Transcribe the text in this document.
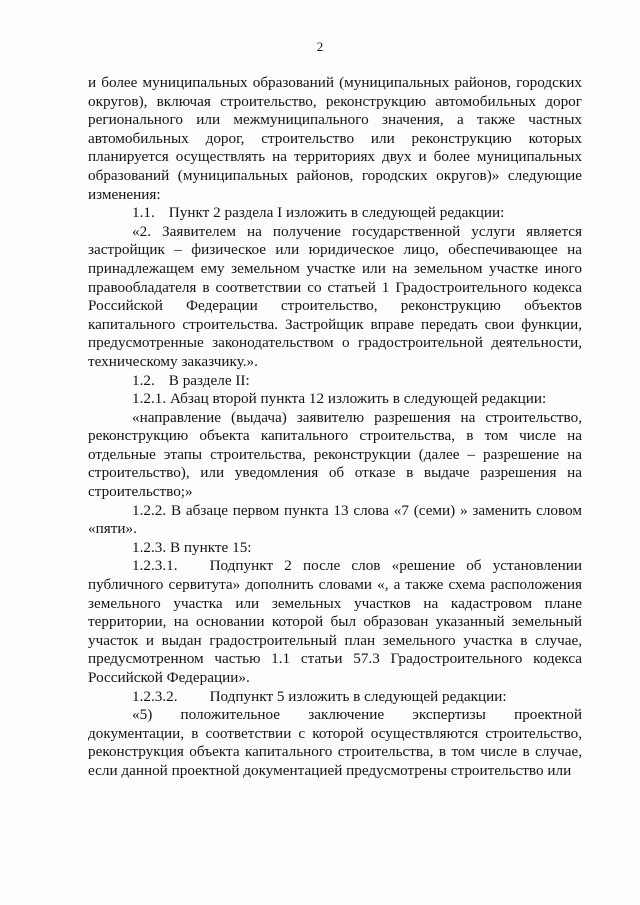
2

и более муниципальных образований (муниципальных районов, городских округов), включая строительство, реконструкцию автомобильных дорог регионального или межмуниципального значения, а также частных автомобильных дорог, строительство или реконструкцию которых планируется осуществлять на территориях двух и более муниципальных образований (муниципальных районов, городских округов)» следующие изменения:

1.1. Пункт 2 раздела I изложить в следующей редакции:

«2. Заявителем на получение государственной услуги является застройщик – физическое или юридическое лицо, обеспечивающее на принадлежащем ему земельном участке или на земельном участке иного правообладателя в соответствии со статьей 1 Градостроительного кодекса Российской Федерации строительство, реконструкцию объектов капитального строительства. Застройщик вправе передать свои функции, предусмотренные законодательством о градостроительной деятельности, техническому заказчику.».

1.2. В разделе II:

1.2.1. Абзац второй пункта 12 изложить в следующей редакции:

«направление (выдача) заявителю разрешения на строительство, реконструкцию объекта капитального строительства, в том числе на отдельные этапы строительства, реконструкции (далее – разрешение на строительство), или уведомления об отказе в выдаче разрешения на строительство;»

1.2.2. В абзаце первом пункта 13 слова «7 (семи) » заменить словом «пяти».

1.2.3. В пункте 15:

1.2.3.1. Подпункт 2 после слов «решение об установлении публичного сервитута» дополнить словами «, а также схема расположения земельного участка или земельных участков на кадастровом плане территории, на основании которой был образован указанный земельный участок и выдан градостроительный план земельного участка в случае, предусмотренном частью 1.1 статьи 57.3 Градостроительного кодекса Российской Федерации».

1.2.3.2. Подпункт 5 изложить в следующей редакции:

«5) положительное заключение экспертизы проектной документации, в соответствии с которой осуществляются строительство, реконструкция объекта капитального строительства, в том числе в случае, если данной проектной документацией предусмотрены строительство или
